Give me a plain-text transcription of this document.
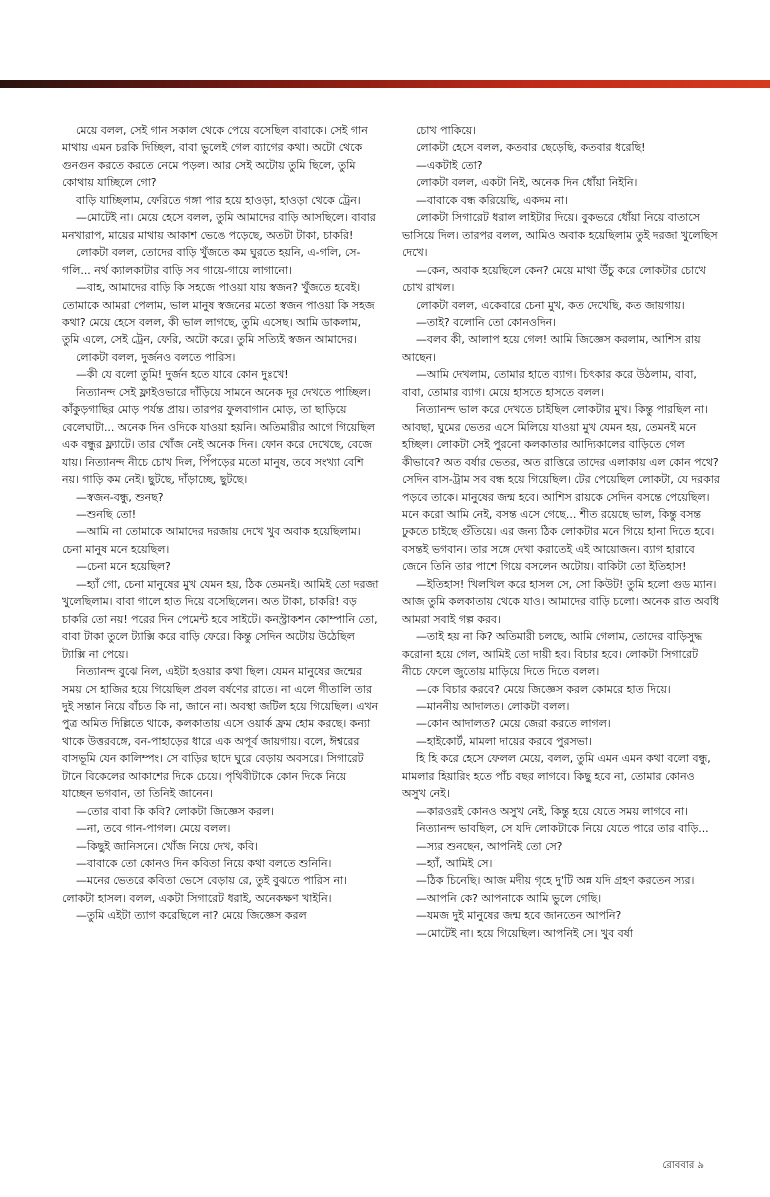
মেয়ে বলল, সেই গান সকাল থেকে পেয়ে বসেছিল বাবাকে। সেই গান মাথায় এমন চরকি দিচ্ছিল, বাবা ভুলেই গেল ব্যাগের কথা। অটো থেকে গুনগুন করতে করতে নেমে পড়ল। আর সেই অটোয় তুমি ছিলে, তুমি কোথায় যাচ্ছিলে গো?

বাড়ি যাচ্ছিলাম, ফেরিতে গঙ্গা পার হয়ে হাওড়া, হাওড়া থেকে ট্রেন।

—মোটেই না। মেয়ে হেসে বলল, তুমি আমাদের বাড়ি আসছিলে। বাবার মনখারাপ, মায়ের মাথায় আকাশ ভেঙে পড়েছে, অতটা টাকা, চাকরি!

লোকটা বলল, তোদের বাড়ি খুঁজতে কম ঘুরতে হয়নি, এ-গলি, সে-গলি... নর্থ ক্যালকাটার বাড়ি সব গায়ে-গায়ে লাগানো।

—বাহ, আমাদের বাড়ি কি সহজে পাওয়া যায় স্বজন? খুঁজতে হবেই। তোমাকে আমরা পেলাম, ভাল মানুষ স্বজনের মতো স্বজন পাওয়া কি সহজ কথা? মেয়ে হেসে বলল, কী ভাল লাগছে, তুমি এসেছ। আমি ডাকলাম, তুমি এলে, সেই ট্রেন, ফেরি, অটো করে। তুমি সত্যিই স্বজন আমাদের।

লোকটা বলল, দুর্জনও বলতে পারিস।

—কী যে বলো তুমি! দুর্জন হতে যাবে কোন দুঃখে!

নিত্যানন্দ সেই ফ্লাইওভারে দাঁড়িয়ে সামনে অনেক দূর দেখতে পাচ্ছিল। কাঁকুড়গাছির মোড় পর্যন্ত প্রায়। তারপর ফুলবাগান মোড়, তা ছাড়িয়ে বেলেঘাটা... অনেক দিন ওদিকে যাওয়া হয়নি। অতিমারীর আগে গিয়েছিল এক বন্ধুর ফ্ল্যাটে। তার খোঁজ নেই অনেক দিন। ফোন করে দেখেছে, বেজে যায়। নিত্যানন্দ নীচে চোখ দিল, পিঁপড়ের মতো মানুষ, তবে সংখ্যা বেশি নয়। গাড়ি কম নেই। ছুটছে, দাঁড়াচ্ছে, ছুটছে।

—স্বজন-বন্ধু, শুনছ?

—শুনছি তো!

—আমি না তোমাকে আমাদের দরজায় দেখে খুব অবাক হয়েছিলাম। চেনা মানুষ মনে হয়েছিল।

—চেনা মনে হয়েছিল?

—হ্যাঁ গো, চেনা মানুষের মুখ যেমন হয়, ঠিক তেমনই। আমিই তো দরজা খুলেছিলাম। বাবা গালে হাত দিয়ে বসেছিলেন। অত টাকা, চাকরি! বড় চাকরি তো নয়! পরের দিন পেমেন্ট হবে সাইটে। কনস্ট্রাকশন কোম্পানি তো, বাবা টাকা তুলে ট্যাক্সি করে বাড়ি ফেরে। কিন্তু সেদিন অটোয় উঠেছিল ট্যাক্সি না পেয়ে।

নিত্যানন্দ বুঝে নিল, এইটা হওয়ার কথা ছিল। যেমন মানুষের জন্মের সময় সে হাজির হয়ে গিয়েছিল প্রবল বর্ষণের রাতে। না এলে গীতালি তার দুই সন্তান নিয়ে বাঁচত কি না, জানে না। অবস্থা জটিল হয়ে গিয়েছিল। এখন পুত্র অমিত দিল্লিতে থাকে, কলকাতায় এসে ওয়ার্ক ফ্রম হোম করছে। কন্যা থাকে উত্তরবঙ্গে, বন-পাহাড়ের ধারে এক অপূর্ব জায়গায়। বলে, ঈশ্বরের বাসভূমি যেন কালিম্পং। সে বাড়ির ছাদে ঘুরে বেড়ায় অবসরে। সিগারেট টানে বিকেলের আকাশের দিকে চেয়ে। পৃথিবীটাকে কোন দিকে নিয়ে যাচ্ছেন ভগবান, তা তিনিই জানেন।

—তোর বাবা কি কবি? লোকটা জিজ্ঞেস করল।

—না, তবে গান-পাগল। মেয়ে বলল।

—কিছুই জানিসনে। খোঁজ নিয়ে দেখ, কবি।

—বাবাকে তো কোনও দিন কবিতা নিয়ে কথা বলতে শুনিনি।

—মনের ভেতরে কবিতা ভেসে বেড়ায় রে, তুই বুঝতে পারিস না। লোকটা হাসল। বলল, একটা সিগারেট ধরাই, অনেকক্ষণ খাইনি।

—তুমি এইটা ত্যাগ করেছিলে না? মেয়ে জিজ্ঞেস করল

চোখ পাকিয়ে।

লোকটা হেসে বলল, কতবার ছেড়েছি, কতবার ধরেছি!

—একটাই তো?

লোকটা বলল, একটা নিই, অনেক দিন ধোঁয়া নিইনি।

—বাবাকে বন্ধ করিয়েছি, একদম না।

লোকটা সিগারেট ধরাল লাইটার দিয়ে। বুকভরে ধোঁয়া নিয়ে বাতাসে ভাসিয়ে দিল। তারপর বলল, আমিও অবাক হয়েছিলাম তুই দরজা খুলেছিস দেখে।

—কেন, অবাক হয়েছিলে কেন? মেয়ে মাথা উঁচু করে লোকটার চোখে চোখ রাখল।

লোকটা বলল, একেবারে চেনা মুখ, কত দেখেছি, কত জায়গায়।

—তাই? বলোনি তো কোনওদিন।

—বলব কী, আলাপ হয়ে গেল! আমি জিজ্ঞেস করলাম, আশিস রায় আছেন।

—আমি দেখলাম, তোমার হাতে ব্যাগ। চিৎকার করে উঠলাম, বাবা, বাবা, তোমার ব্যাগ। মেয়ে হাসতে হাসতে বলল।

নিত্যানন্দ ভাল করে দেখতে চাইছিল লোকটার মুখ। কিন্তু পারছিল না। আবছা, ঘুমের ভেতর এসে মিলিয়ে যাওয়া মুখ যেমন হয়, তেমনই মনে হচ্ছিল। লোকটা সেই পুরনো কলকাতার আদ্যিকালের বাড়িতে গেল কীভাবে? অত বর্ষার ভেতর, অত রাত্তিরে তাদের এলাকায় এল কোন পথে? সেদিন বাস-ট্রাম সব বন্ধ হয়ে গিয়েছিল। টের পেয়েছিল লোকটা, যে দরকার পড়বে তাকে। মানুষের জন্ম হবে। আশিস রায়কে সেদিন বসন্তে পেয়েছিল। মনে করো আমি নেই, বসন্ত এসে গেছে... শীত রয়েছে ভাল, কিন্তু বসন্ত ঢুকতে চাইছে গুঁতিয়ে। এর জন্য ঠিক লোকটার মনে গিয়ে হানা দিতে হবে। বসন্তই ভগবান। তার সঙ্গে দেখা করাতেই এই আয়োজন। ব্যাগ হারাবে জেনে তিনি তার পাশে গিয়ে বসলেন অটোয়। বাকিটা তো ইতিহাস!

—ইতিহাস! খিলখিল করে হাসল সে, সো কিউট! তুমি হলো গুড ম্যান। আজ তুমি কলকাতায় থেকে যাও। আমাদের বাড়ি চলো। অনেক রাত অবধি আমরা সবাই গল্প করব।

—তাই হয় না কি? অতিমারী চলছে, আমি গেলাম, তোদের বাড়িসুদ্ধ করোনা হয়ে গেল, আমিই তো দায়ী হব। বিচার হবে। লোকটা সিগারেট নীচে ফেলে জুতোয় মাড়িয়ে দিতে দিতে বলল।

—কে বিচার করবে? মেয়ে জিজ্ঞেস করল কোমরে হাত দিয়ে।

—মাননীয় আদালত। লোকটা বলল।

—কোন আদালত? মেয়ে জেরা করতে লাগল।

—হাইকোর্ট, মামলা দায়ের করবে পুরসভা।

হি হি করে হেসে ফেলল মেয়ে, বলল, তুমি এমন এমন কথা বলো বন্ধু, মামলার হিয়ারিং হতে পাঁচ বছর লাগবে। কিছু হবে না, তোমার কোনও অসুখ নেই।

—কারওরই কোনও অসুখ নেই, কিন্তু হয়ে যেতে সময় লাগবে না।

নিত্যানন্দ ভাবছিল, সে যদি লোকটাকে নিয়ে যেতে পারে তার বাড়ি...

—স্যর শুনছেন, আপনিই তো সে?

—হ্যাঁ, আমিই সে।

—ঠিক চিনেছি। আজ মদীয় গৃহে দু'টি অন্ন যদি গ্রহণ করতেন স্যর।

—আপনি কে? আপনাকে আমি ভুলে গেছি।

—যমজ দুই মানুষের জন্ম হবে জানতেন আপনি?

—মোটেই না। হয়ে গিয়েছিল। আপনিই সে। খুব বর্ষা

রোববার ৯
